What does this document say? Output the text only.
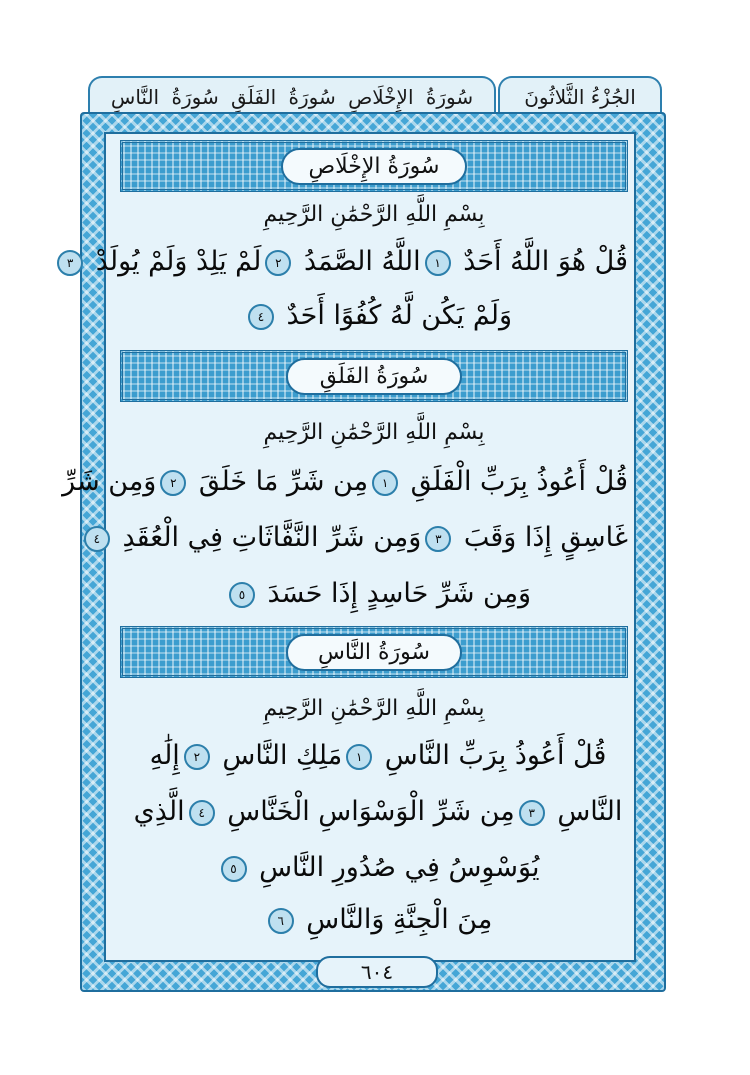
الجُزْءُ الثَّلاثُونَ
سُورَةُ الإِخْلَاصِ سُورَةُ الفَلَقِ سُورَةُ النَّاسِ
سُورَةُ الإِخْلَاصِ
بِسْمِ اللَّهِ الرَّحْمَٰنِ الرَّحِيمِ
قُلْ هُوَ اللَّهُ أَحَدٌ ١اللَّهُ الصَّمَدُ ٢لَمْ يَلِدْ وَلَمْ يُولَدْ ٣
وَلَمْ يَكُن لَّهُ كُفُوًا أَحَدٌ ٤
سُورَةُ الفَلَقِ
بِسْمِ اللَّهِ الرَّحْمَٰنِ الرَّحِيمِ
قُلْ أَعُوذُ بِرَبِّ الْفَلَقِ ١مِن شَرِّ مَا خَلَقَ ٢وَمِن شَرِّ
غَاسِقٍ إِذَا وَقَبَ ٣وَمِن شَرِّ النَّفَّاثَاتِ فِي الْعُقَدِ ٤
وَمِن شَرِّ حَاسِدٍ إِذَا حَسَدَ ٥
سُورَةُ النَّاسِ
بِسْمِ اللَّهِ الرَّحْمَٰنِ الرَّحِيمِ
قُلْ أَعُوذُ بِرَبِّ النَّاسِ ١مَلِكِ النَّاسِ ٢إِلَٰهِ
النَّاسِ ٣مِن شَرِّ الْوَسْوَاسِ الْخَنَّاسِ ٤الَّذِي
يُوَسْوِسُ فِي صُدُورِ النَّاسِ ٥
مِنَ الْجِنَّةِ وَالنَّاسِ ٦
٦٠٤
